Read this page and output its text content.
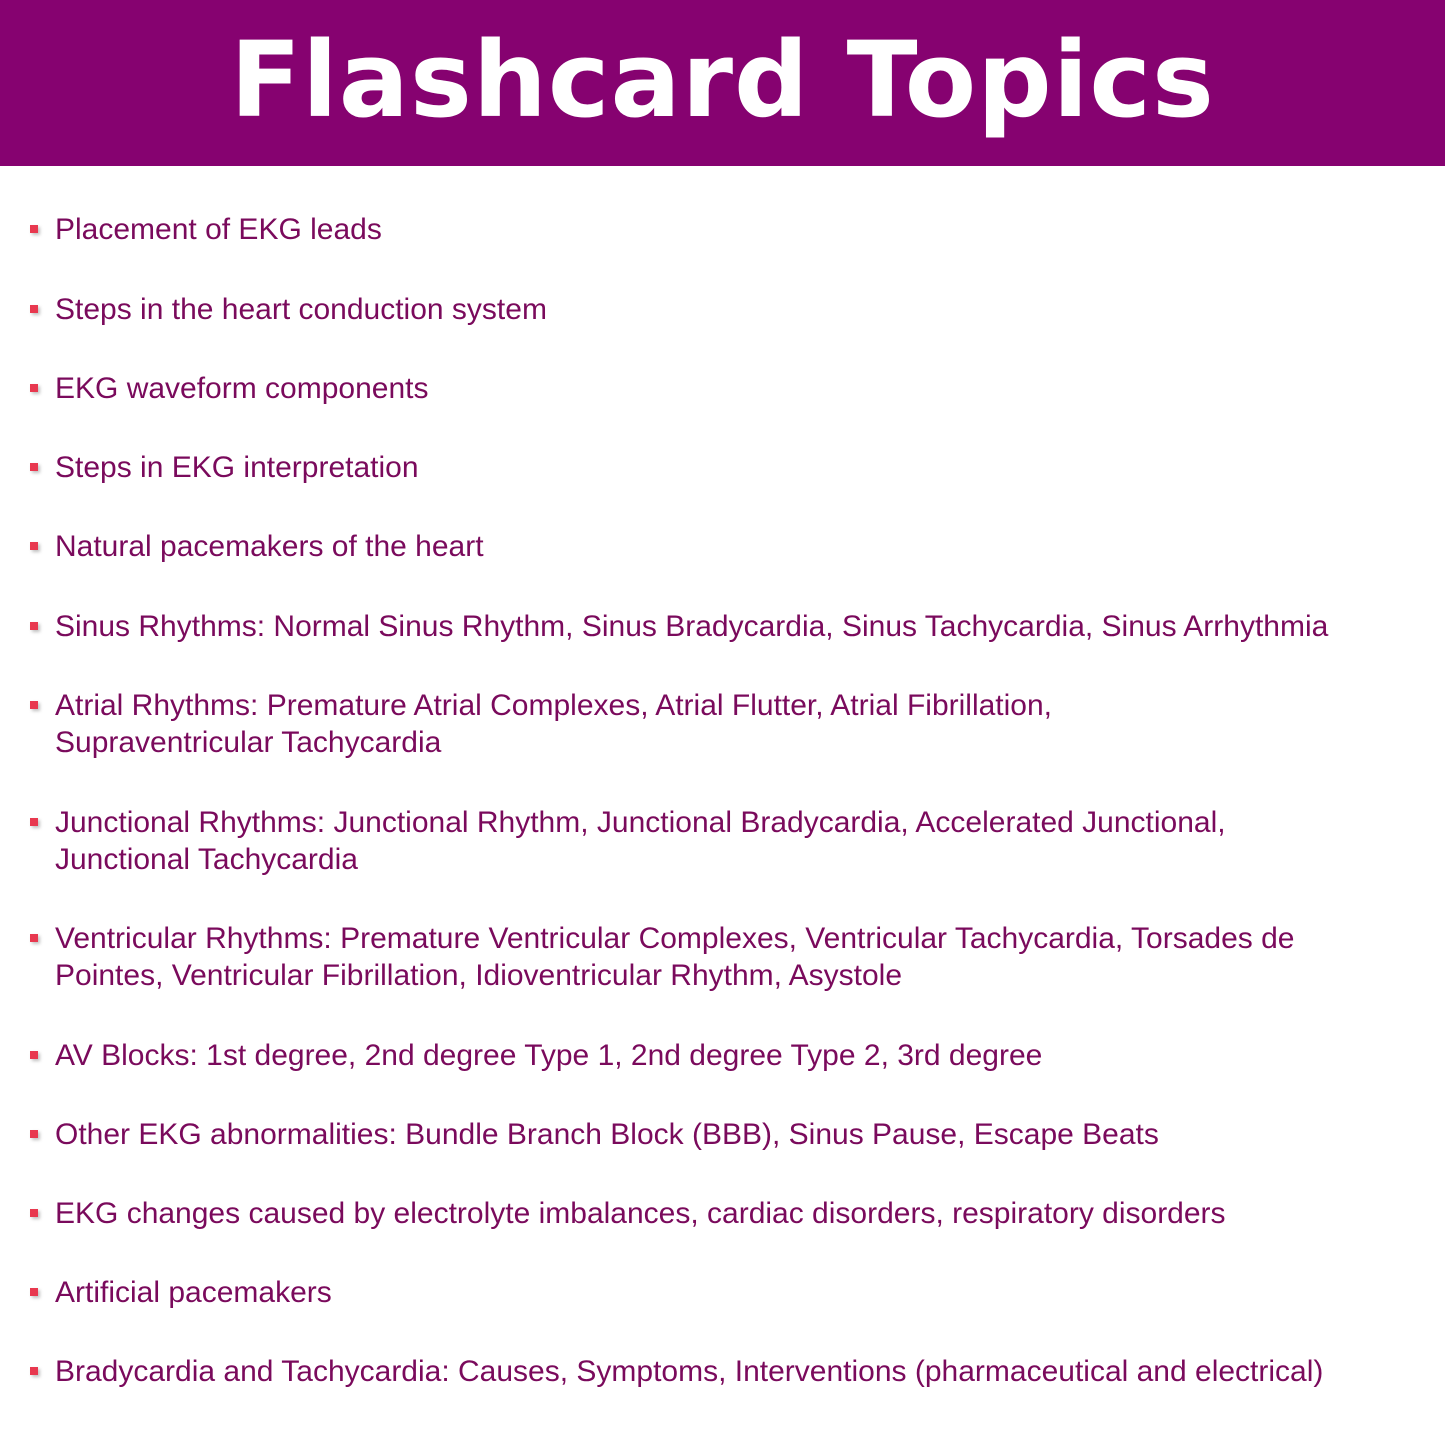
Flashcard Topics
Placement of EKG leads
Steps in the heart conduction system
EKG waveform components
Steps in EKG interpretation
Natural pacemakers of the heart
Sinus Rhythms: Normal Sinus Rhythm, Sinus Bradycardia, Sinus Tachycardia, Sinus Arrhythmia
Atrial Rhythms: Premature Atrial Complexes, Atrial Flutter, Atrial Fibrillation,
Supraventricular Tachycardia
Junctional Rhythms: Junctional Rhythm, Junctional Bradycardia, Accelerated Junctional,
Junctional Tachycardia
Ventricular Rhythms: Premature Ventricular Complexes, Ventricular Tachycardia, Torsades de
Pointes, Ventricular Fibrillation, Idioventricular Rhythm, Asystole
AV Blocks: 1st degree, 2nd degree Type 1, 2nd degree Type 2, 3rd degree
Other EKG abnormalities: Bundle Branch Block (BBB), Sinus Pause, Escape Beats
EKG changes caused by electrolyte imbalances, cardiac disorders, respiratory disorders
Artificial pacemakers
Bradycardia and Tachycardia: Causes, Symptoms, Interventions (pharmaceutical and electrical)
